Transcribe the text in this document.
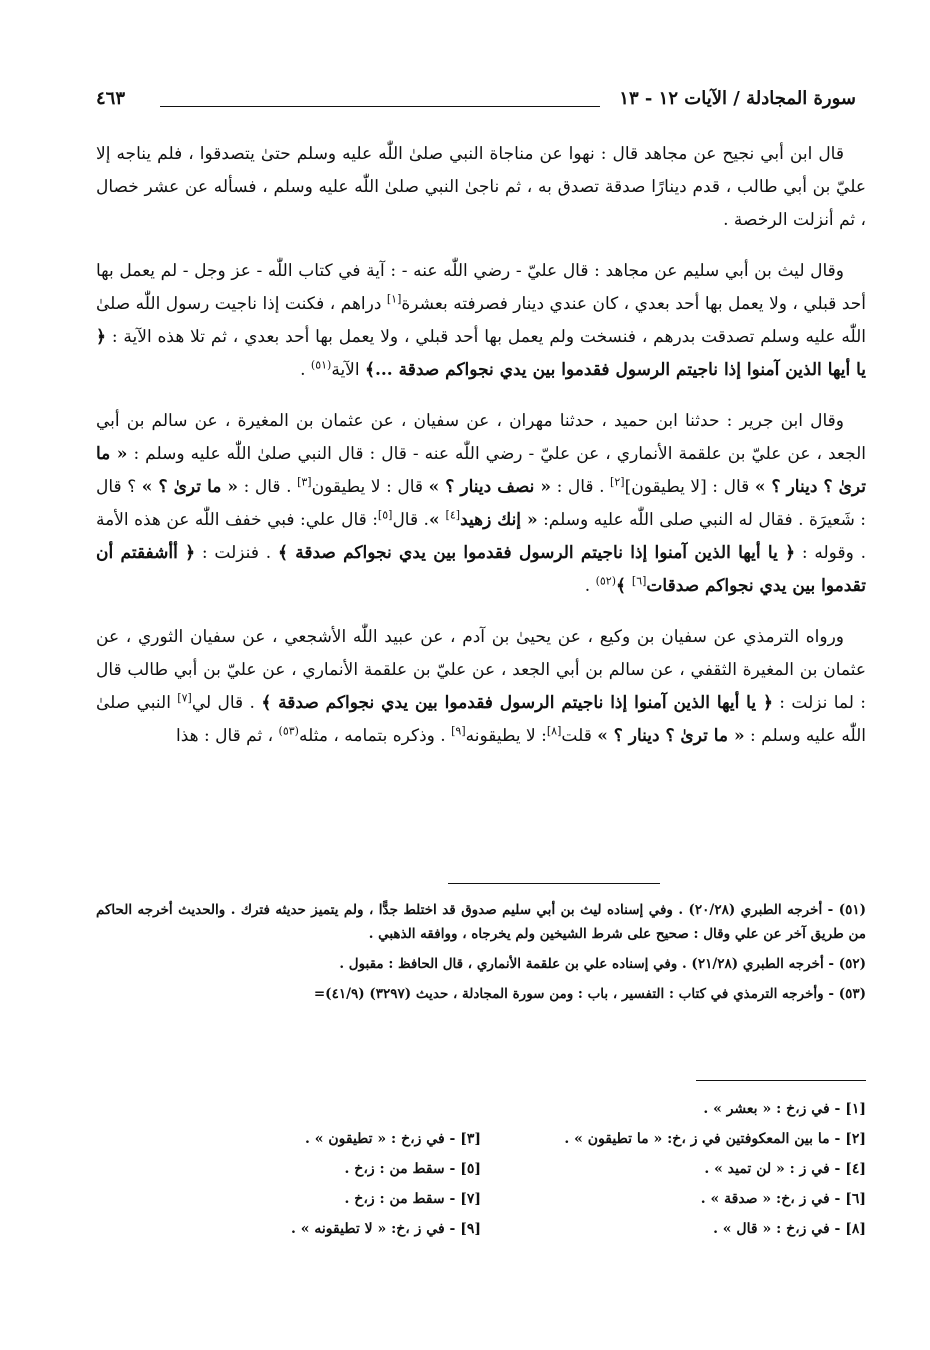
سورة المجادلة / الآيات ١٢ - ١٣
٤٦٣

قال ابن أبي نجيح عن مجاهد قال : نهوا عن مناجاة النبي صلىٰ اللّٰه عليه وسلم حتىٰ يتصدقوا ، فلم يناجه إلا عليّ بن أبي طالب ، قدم دينارًا صدقة تصدق به ، ثم ناجىٰ النبي صلىٰ اللّٰه عليه وسلم ، فسأله عن عشر خصال ، ثم أنزلت الرخصة .

وقال ليث بن أبي سليم عن مجاهد : قال عليّ - رضي اللّٰه عنه - : آية في كتاب اللّٰه - عز وجل - لم يعمل بها أحد قبلي ، ولا يعمل بها أحد بعدي ، كان عندي دينار فصرفته بعشرة[١] دراهم ، فكنت إذا ناجيت رسول اللّٰه صلىٰ اللّٰه عليه وسلم تصدقت بدرهم ، فنسخت ولم يعمل بها أحد قبلي ، ولا يعمل بها أحد بعدي ، ثم تلا هذه الآية : ﴿ يا أيها الذين آمنوا إذا ناجيتم الرسول فقدموا بين يدي نجواكم صدقة ...﴾ الآية$^{(٥١)}$ .

وقال ابن جرير : حدثنا ابن حميد ، حدثنا مهران ، عن سفيان ، عن عثمان بن المغيرة ، عن سالم بن أبي الجعد ، عن عليّ بن علقمة الأنماري ، عن عليّ - رضي اللّٰه عنه - قال : قال النبي صلىٰ اللّٰه عليه وسلم : « ما ترىٰ ؟ دينار ؟ » قال : [لا يطيقون][٢] . قال : « نصف دينار ؟ » قال : لا يطيقون[٣] . قال : « ما ترىٰ ؟ » ؟ قال : شَعيرَة . فقال له النبي صلى اللّٰه عليه وسلم: « إنك زهيد[٤] ». قال[٥]: قال علي: فبي خفف اللّٰه عن هذه الأمة . وقوله : ﴿ يا أيها الذين آمنوا إذا ناجيتم الرسول فقدموا بين يدي نجواكم صدقة ﴾ . فنزلت : ﴿ أأشفقتم أن تقدموا بين يدي نجواكم صدقات[٦] ﴾$^{(٥٢)}$ .

ورواه الترمذي عن سفيان بن وكيع ، عن يحيىٰ بن آدم ، عن عبيد اللّٰه الأشجعي ، عن سفيان الثوري ، عن عثمان بن المغيرة الثقفي ، عن سالم بن أبي الجعد ، عن عليّ بن علقمة الأنماري ، عن عليّ بن أبي طالب قال : لما نزلت : ﴿ يا أيها الذين آمنوا إذا ناجيتم الرسول فقدموا بين يدي نجواكم صدقة ﴾ . قال لي[٧] النبي صلىٰ اللّٰه عليه وسلم : « ما ترىٰ ؟ دينار ؟ » قلت[٨]: لا يطيقونه[٩] . وذكره بتمامه ، مثله$^{(٥٣)}$ ، ثم قال : هذا

(٥١) - أخرجه الطبري (٢٠/٢٨) . وفي إسناده ليث بن أبي سليم صدوق قد اختلط جدًّا ، ولم يتميز حديثه فترك . والحديث أخرجه الحاكم من طريق آخر عن علي وقال : صحيح على شرط الشيخين ولم يخرجاه ، ووافقه الذهبي .

(٥٢) - أخرجه الطبري (٢١/٢٨) . وفي إسناده علي بن علقمة الأنماري ، قال الحافظ : مقبول .

(٥٣) - وأخرجه الترمذي في كتاب : التفسير ، باب : ومن سورة المجادلة ، حديث (٣٢٩٧) (٤١/٩)=

[١] - في ز،خ : « بعشر » .
[٢] - ما بين المعكوفتين في ز ،خ: « ما تطيقون » .
[٣] - في ز،خ : « تطيقون » .
[٤] - في ز : « لن تميد » .
[٥] - سقط من : ز،خ .
[٦] - في ز ،خ: « صدقة » .
[٧] - سقط من : ز،خ .
[٨] - في ز،خ : « قال » .
[٩] - في ز ،خ: « لا تطيقونه » .
